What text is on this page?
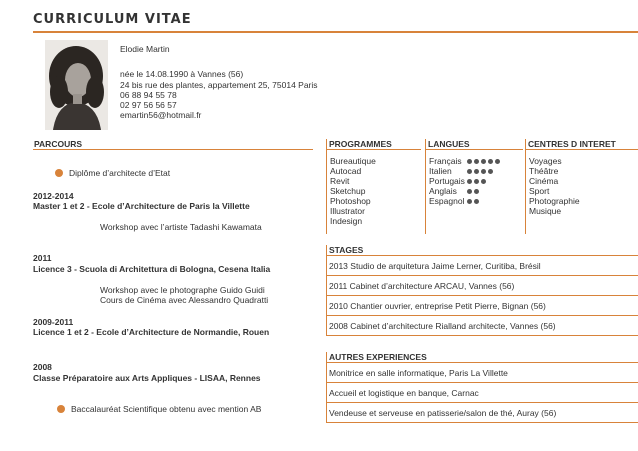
CURRICULUM VITAE
Elodie Martin
née le 14.08.1990 à Vannes (56)
24 bis rue des plantes, appartement 25, 75014 Paris
06 88 94 55 78
02 97 56 56 57
emartin56@hotmail.fr
PARCOURS
Diplôme d’architecte d’Etat
2012-2014
Master 1 et 2 - Ecole d’Architecture de Paris la Villette
Workshop avec l’artiste Tadashi Kawamata
2011
Licence 3 - Scuola di Architettura di Bologna, Cesena Italia
Workshop avec le photographe Guido Guidi
Cours de Cinéma avec Alessandro Quadratti
2009-2011
Licence 1 et 2 - Ecole d’Architecture de Normandie, Rouen
2008
Classe Préparatoire aux Arts Appliques - LISAA, Rennes
Baccalauréat Scientifique obtenu avec mention AB
PROGRAMMES
Bureautique
Autocad
Revit
Sketchup
Photoshop
Illustrator
Indesign
LANGUES
Français
Italien
Portugais
Anglais
Espagnol
CENTRES D INTERET
Voyages
Théâtre
Cinéma
Sport
Photographie
Musique
STAGES
2013 Studio de arquitetura Jaime Lerner, Curitiba, Brésil
2011 Cabinet d’architecture ARCAU, Vannes (56)
2010 Chantier ouvrier, entreprise Petit Pierre, Bignan (56)
2008 Cabinet d’architecture Rialland architecte, Vannes (56)
AUTRES EXPERIENCES
Monitrice en salle informatique, Paris La Villette
Accueil et logistique en banque, Carnac
Vendeuse et serveuse en patisserie/salon de thé, Auray (56)
